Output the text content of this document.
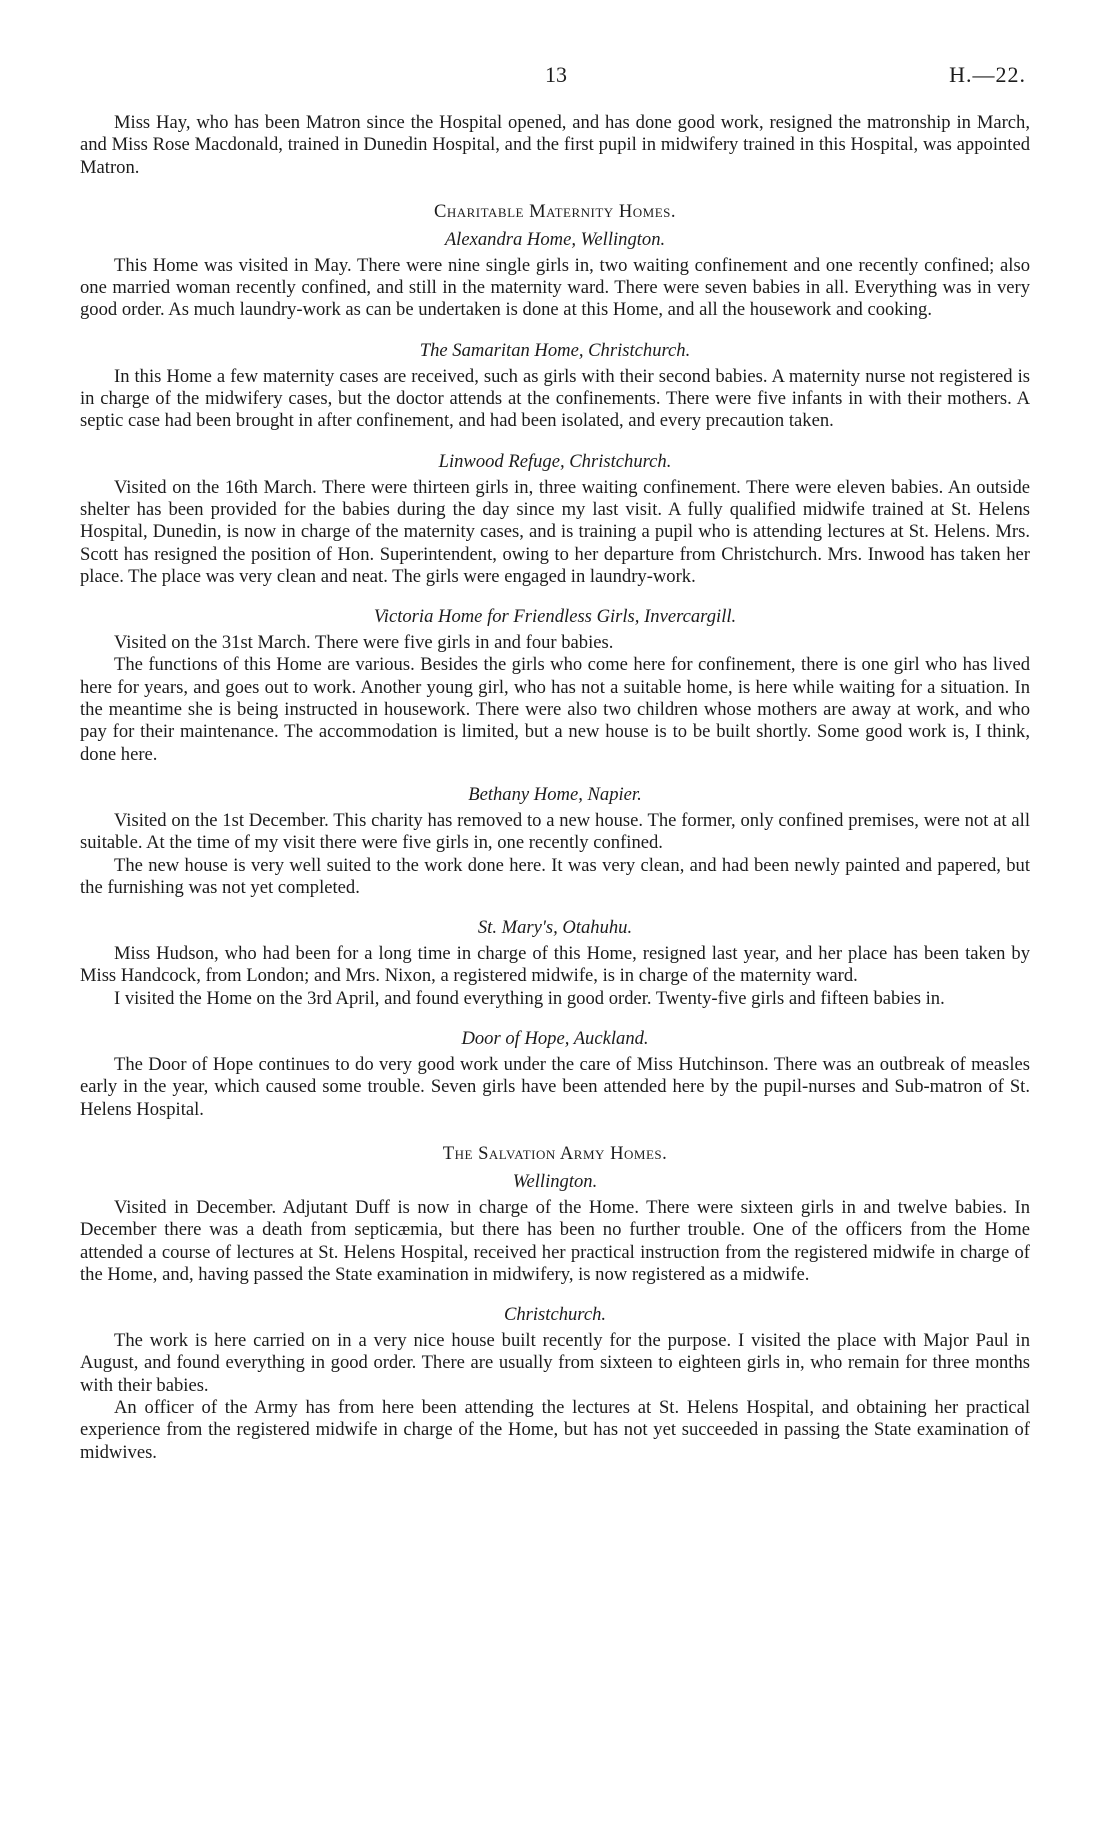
13	H.—22.

Miss Hay, who has been Matron since the Hospital opened, and has done good work, resigned the matronship in March, and Miss Rose Macdonald, trained in Dunedin Hospital, and the first pupil in midwifery trained in this Hospital, was appointed Matron.

Charitable Maternity Homes.
Alexandra Home, Wellington.

This Home was visited in May. There were nine single girls in, two waiting confinement and one recently confined; also one married woman recently confined, and still in the maternity ward. There were seven babies in all. Everything was in very good order. As much laundry-work as can be undertaken is done at this Home, and all the housework and cooking.

The Samaritan Home, Christchurch.

In this Home a few maternity cases are received, such as girls with their second babies. A maternity nurse not registered is in charge of the midwifery cases, but the doctor attends at the confinements. There were five infants in with their mothers. A septic case had been brought in after confinement, and had been isolated, and every precaution taken.

Linwood Refuge, Christchurch.

Visited on the 16th March. There were thirteen girls in, three waiting confinement. There were eleven babies. An outside shelter has been provided for the babies during the day since my last visit. A fully qualified midwife trained at St. Helens Hospital, Dunedin, is now in charge of the maternity cases, and is training a pupil who is attending lectures at St. Helens. Mrs. Scott has resigned the position of Hon. Superintendent, owing to her departure from Christchurch. Mrs. Inwood has taken her place. The place was very clean and neat. The girls were engaged in laundry-work.

Victoria Home for Friendless Girls, Invercargill.

Visited on the 31st March. There were five girls in and four babies.

The functions of this Home are various. Besides the girls who come here for confinement, there is one girl who has lived here for years, and goes out to work. Another young girl, who has not a suitable home, is here while waiting for a situation. In the meantime she is being instructed in housework. There were also two children whose mothers are away at work, and who pay for their maintenance. The accommodation is limited, but a new house is to be built shortly. Some good work is, I think, done here.

Bethany Home, Napier.

Visited on the 1st December. This charity has removed to a new house. The former, only confined premises, were not at all suitable. At the time of my visit there were five girls in, one recently confined.

The new house is very well suited to the work done here. It was very clean, and had been newly painted and papered, but the furnishing was not yet completed.

St. Mary's, Otahuhu.

Miss Hudson, who had been for a long time in charge of this Home, resigned last year, and her place has been taken by Miss Handcock, from London; and Mrs. Nixon, a registered midwife, is in charge of the maternity ward.

I visited the Home on the 3rd April, and found everything in good order. Twenty-five girls and fifteen babies in.

Door of Hope, Auckland.

The Door of Hope continues to do very good work under the care of Miss Hutchinson. There was an outbreak of measles early in the year, which caused some trouble. Seven girls have been attended here by the pupil-nurses and Sub-matron of St. Helens Hospital.

The Salvation Army Homes.
Wellington.

Visited in December. Adjutant Duff is now in charge of the Home. There were sixteen girls in and twelve babies. In December there was a death from septicæmia, but there has been no further trouble. One of the officers from the Home attended a course of lectures at St. Helens Hospital, received her practical instruction from the registered midwife in charge of the Home, and, having passed the State examination in midwifery, is now registered as a midwife.

Christchurch.

The work is here carried on in a very nice house built recently for the purpose. I visited the place with Major Paul in August, and found everything in good order. There are usually from sixteen to eighteen girls in, who remain for three months with their babies.

An officer of the Army has from here been attending the lectures at St. Helens Hospital, and obtaining her practical experience from the registered midwife in charge of the Home, but has not yet succeeded in passing the State examination of midwives.
